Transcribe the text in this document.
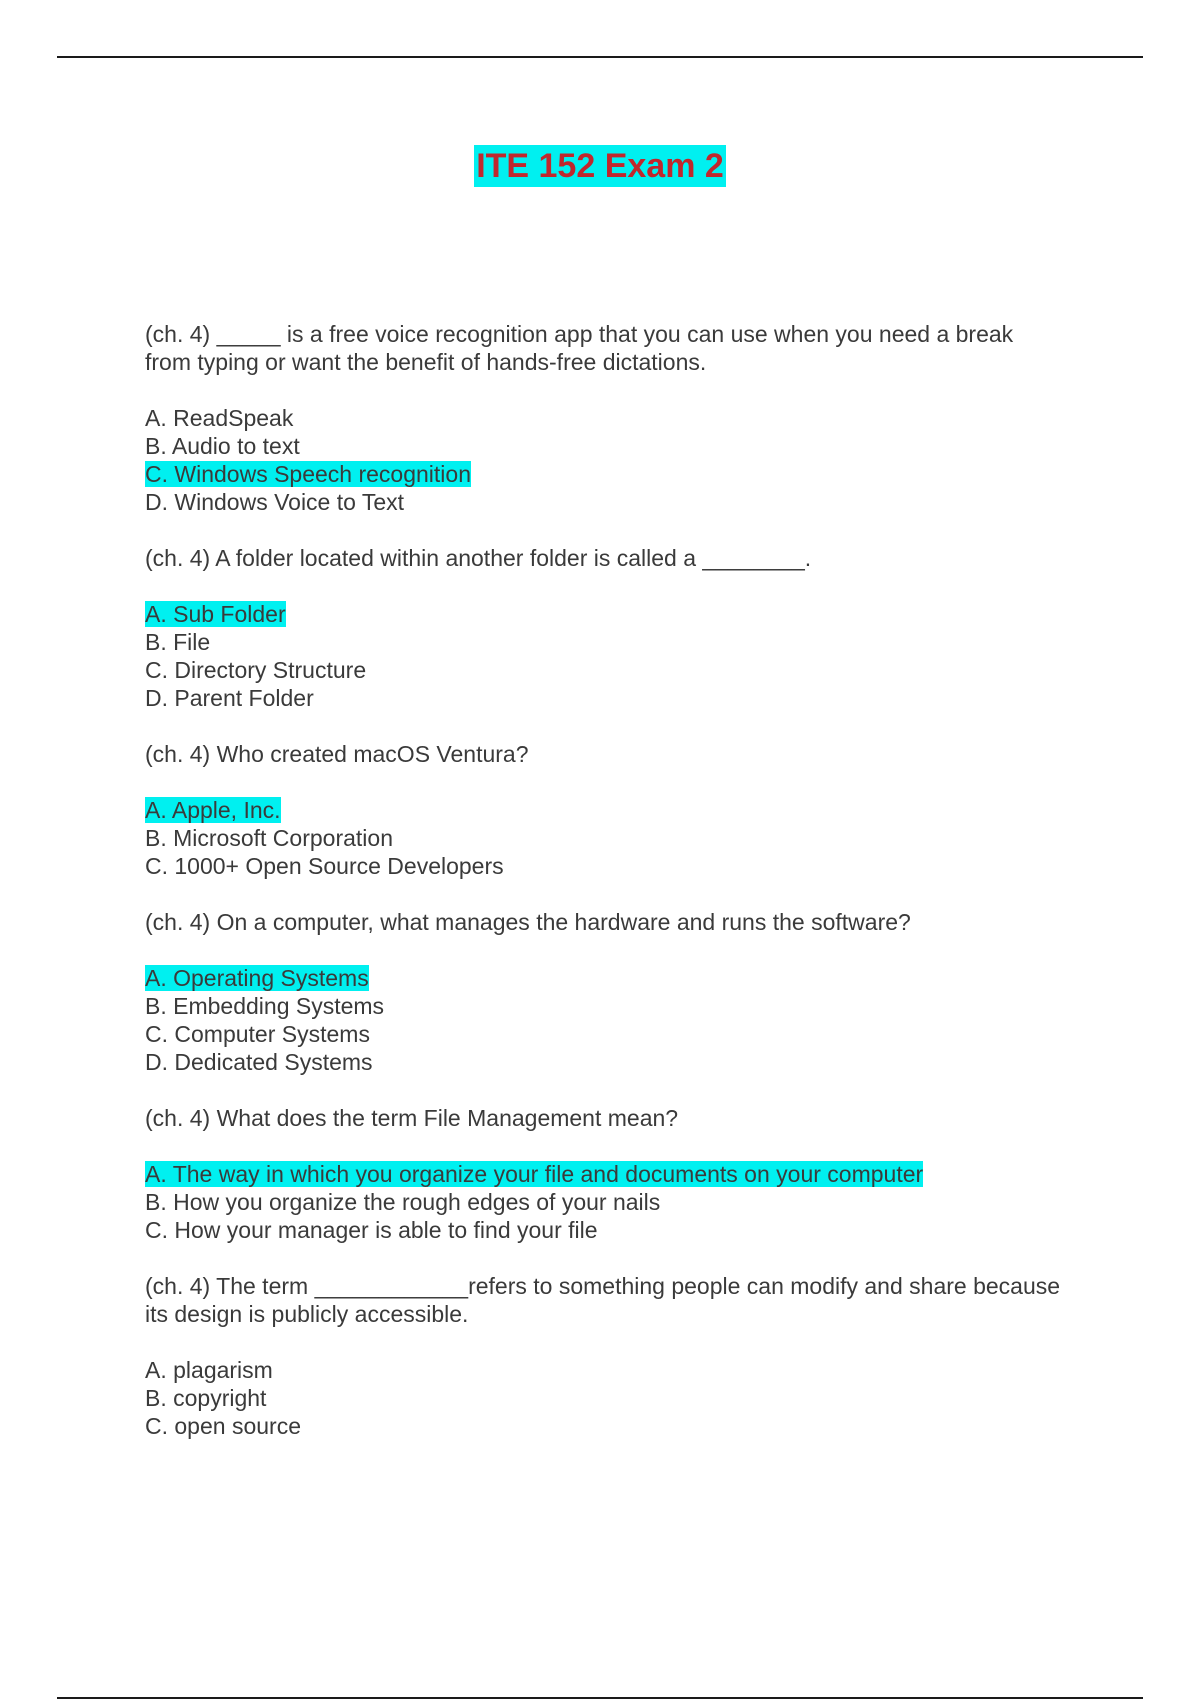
ITE 152 Exam 2

(ch. 4) _____ is a free voice recognition app that you can use when you need a break from typing or want the benefit of hands-free dictations.

A. ReadSpeak
B. Audio to text
C. Windows Speech recognition
D. Windows Voice to Text

(ch. 4) A folder located within another folder is called a ________.

A. Sub Folder
B. File
C. Directory Structure
D. Parent Folder

(ch. 4) Who created macOS Ventura?

A. Apple, Inc.
B. Microsoft Corporation
C. 1000+ Open Source Developers

(ch. 4) On a computer, what manages the hardware and runs the software?

A. Operating Systems
B. Embedding Systems
C. Computer Systems
D. Dedicated Systems

(ch. 4) What does the term File Management mean?

A. The way in which you organize your file and documents on your computer
B. How you organize the rough edges of your nails
C. How your manager is able to find your file

(ch. 4) The term ____________refers to something people can modify and share because its design is publicly accessible.

A. plagarism
B. copyright
C. open source
